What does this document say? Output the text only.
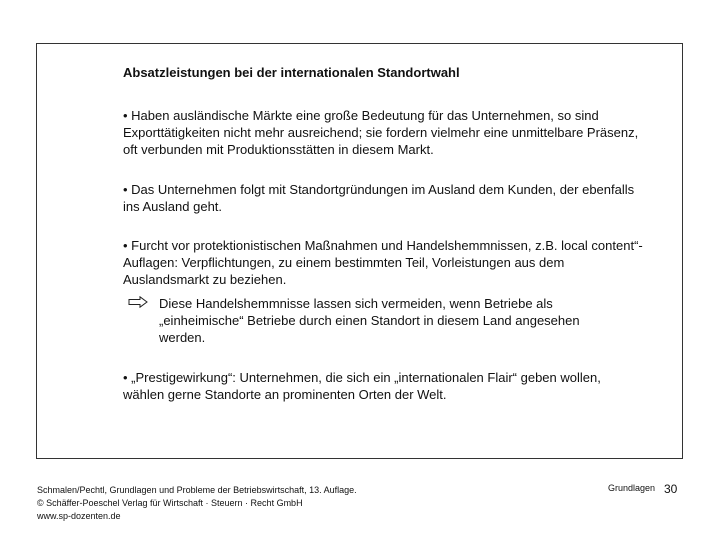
Absatzleistungen bei der internationalen Standortwahl

• Haben ausländische Märkte eine große Bedeutung für das Unternehmen, so sind Exporttätigkeiten nicht mehr ausreichend; sie fordern vielmehr eine unmittelbare Präsenz, oft verbunden mit Produktionsstätten in diesem Markt.

• Das Unternehmen folgt mit Standortgründungen im Ausland dem Kunden, der ebenfalls ins Ausland geht.

• Furcht vor protektionistischen Maßnahmen und Handelshemmnissen, z.B. local content“- Auflagen: Verpflichtungen, zu einem bestimmten Teil, Vorleistungen aus dem Auslandsmarkt zu beziehen.

Diese Handelshemmnisse lassen sich vermeiden, wenn Betriebe als „einheimische“ Betriebe durch einen Standort in diesem Land angesehen werden.

• „Prestigewirkung“: Unternehmen, die sich ein „internationalen Flair“ geben wollen, wählen gerne Standorte an prominenten Orten der Welt.

Schmalen/Pechtl, Grundlagen und Probleme der Betriebswirtschaft, 13. Auflage.
© Schäffer-Poeschel Verlag für Wirtschaft · Steuern · Recht GmbH
www.sp-dozenten.de
Grundlagen 30
